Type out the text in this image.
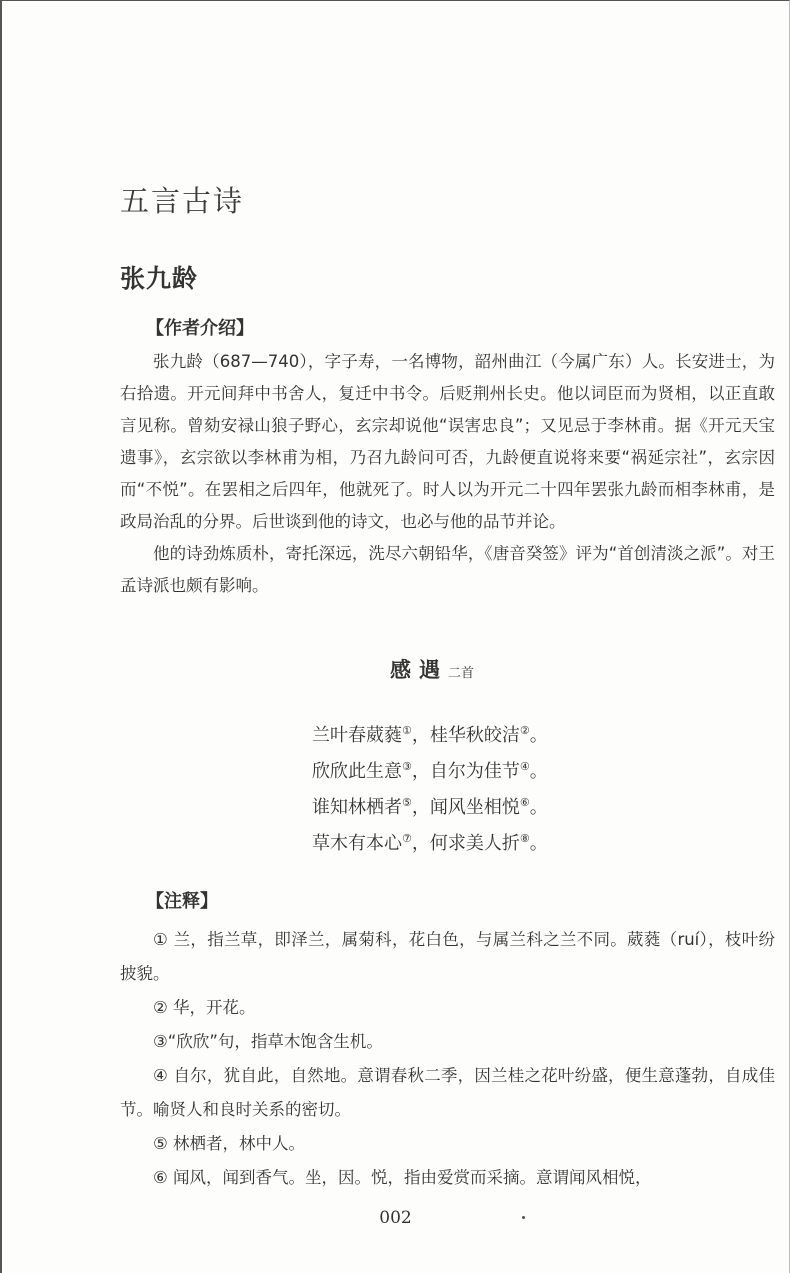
五言古诗
张九龄
【作者介绍】

张九龄（687—740），字子寿，一名博物，韶州曲江（今属广东）人。长安进士，为右拾遗。开元间拜中书舍人，复迁中书令。后贬荆州长史。他以词臣而为贤相，以正直敢言见称。曾劾安禄山狼子野心，玄宗却说他“误害忠良”；又见忌于李林甫。据《开元天宝遗事》，玄宗欲以李林甫为相，乃召九龄问可否，九龄便直说将来要“祸延宗社”，玄宗因而“不悦”。在罢相之后四年，他就死了。时人以为开元二十四年罢张九龄而相李林甫，是政局治乱的分界。后世谈到他的诗文，也必与他的品节并论。

他的诗劲炼质朴，寄托深远，洗尽六朝铅华，《唐音癸签》评为“首创清淡之派”。对王孟诗派也颇有影响。

感遇二首
兰叶春葳蕤①，桂华秋皎洁②。
欣欣此生意③，自尔为佳节④。
谁知林栖者⑤，闻风坐相悦⑥。
草木有本心⑦，何求美人折⑧。
【注释】

① 兰，指兰草，即泽兰，属菊科，花白色，与属兰科之兰不同。葳蕤（ruí），枝叶纷披貌。

② 华，开花。

③“欣欣”句，指草木饱含生机。

④ 自尔，犹自此，自然地。意谓春秋二季，因兰桂之花叶纷盛，便生意蓬勃，自成佳节。喻贤人和良时关系的密切。

⑤ 林栖者，林中人。

⑥ 闻风，闻到香气。坐，因。悦，指由爱赏而采摘。意谓闻风相悦，

002
